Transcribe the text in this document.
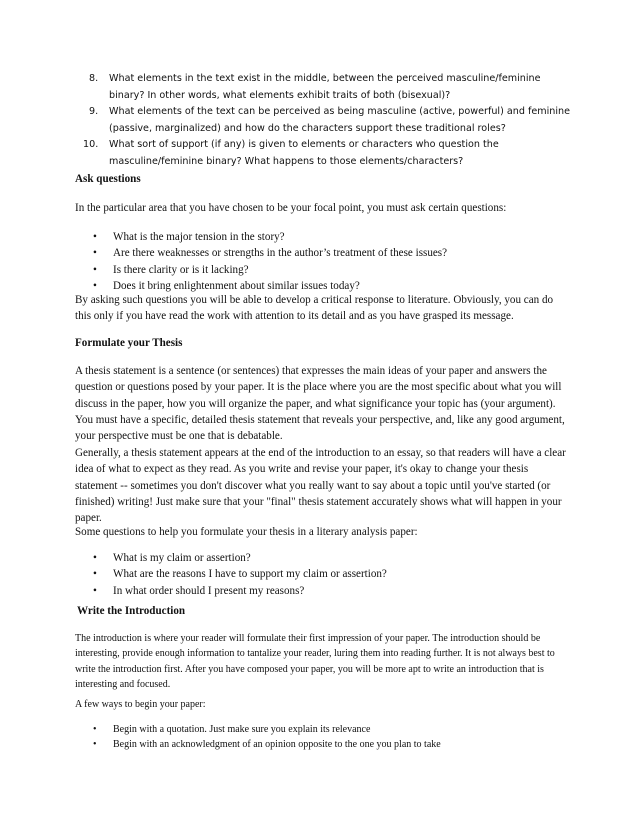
8. What elements in the text exist in the middle, between the perceived masculine/feminine binary? In other words, what elements exhibit traits of both (bisexual)?
9. What elements of the text can be perceived as being masculine (active, powerful) and feminine (passive, marginalized) and how do the characters support these traditional roles?
10. What sort of support (if any) is given to elements or characters who question the masculine/feminine binary? What happens to those elements/characters?

Ask questions

In the particular area that you have chosen to be your focal point, you must ask certain questions:

• What is the major tension in the story?
• Are there weaknesses or strengths in the author’s treatment of these issues?
• Is there clarity or is it lacking?
• Does it bring enlightenment about similar issues today?

By asking such questions you will be able to develop a critical response to literature. Obviously, you can do this only if you have read the work with attention to its detail and as you have grasped its message.

Formulate your Thesis

A thesis statement is a sentence (or sentences) that expresses the main ideas of your paper and answers the question or questions posed by your paper. It is the place where you are the most specific about what you will discuss in the paper, how you will organize the paper, and what significance your topic has (your argument). You must have a specific, detailed thesis statement that reveals your perspective, and, like any good argument, your perspective must be one that is debatable.

Generally, a thesis statement appears at the end of the introduction to an essay, so that readers will have a clear idea of what to expect as they read. As you write and revise your paper, it's okay to change your thesis statement -- sometimes you don't discover what you really want to say about a topic until you've started (or finished) writing! Just make sure that your "final" thesis statement accurately shows what will happen in your paper.

Some questions to help you formulate your thesis in a literary analysis paper:

• What is my claim or assertion?
• What are the reasons I have to support my claim or assertion?
• In what order should I present my reasons?

Write the Introduction

The introduction is where your reader will formulate their first impression of your paper. The introduction should be interesting, provide enough information to tantalize your reader, luring them into reading further. It is not always best to write the introduction first. After you have composed your paper, you will be more apt to write an introduction that is interesting and focused.

A few ways to begin your paper:

• Begin with a quotation. Just make sure you explain its relevance
• Begin with an acknowledgment of an opinion opposite to the one you plan to take
